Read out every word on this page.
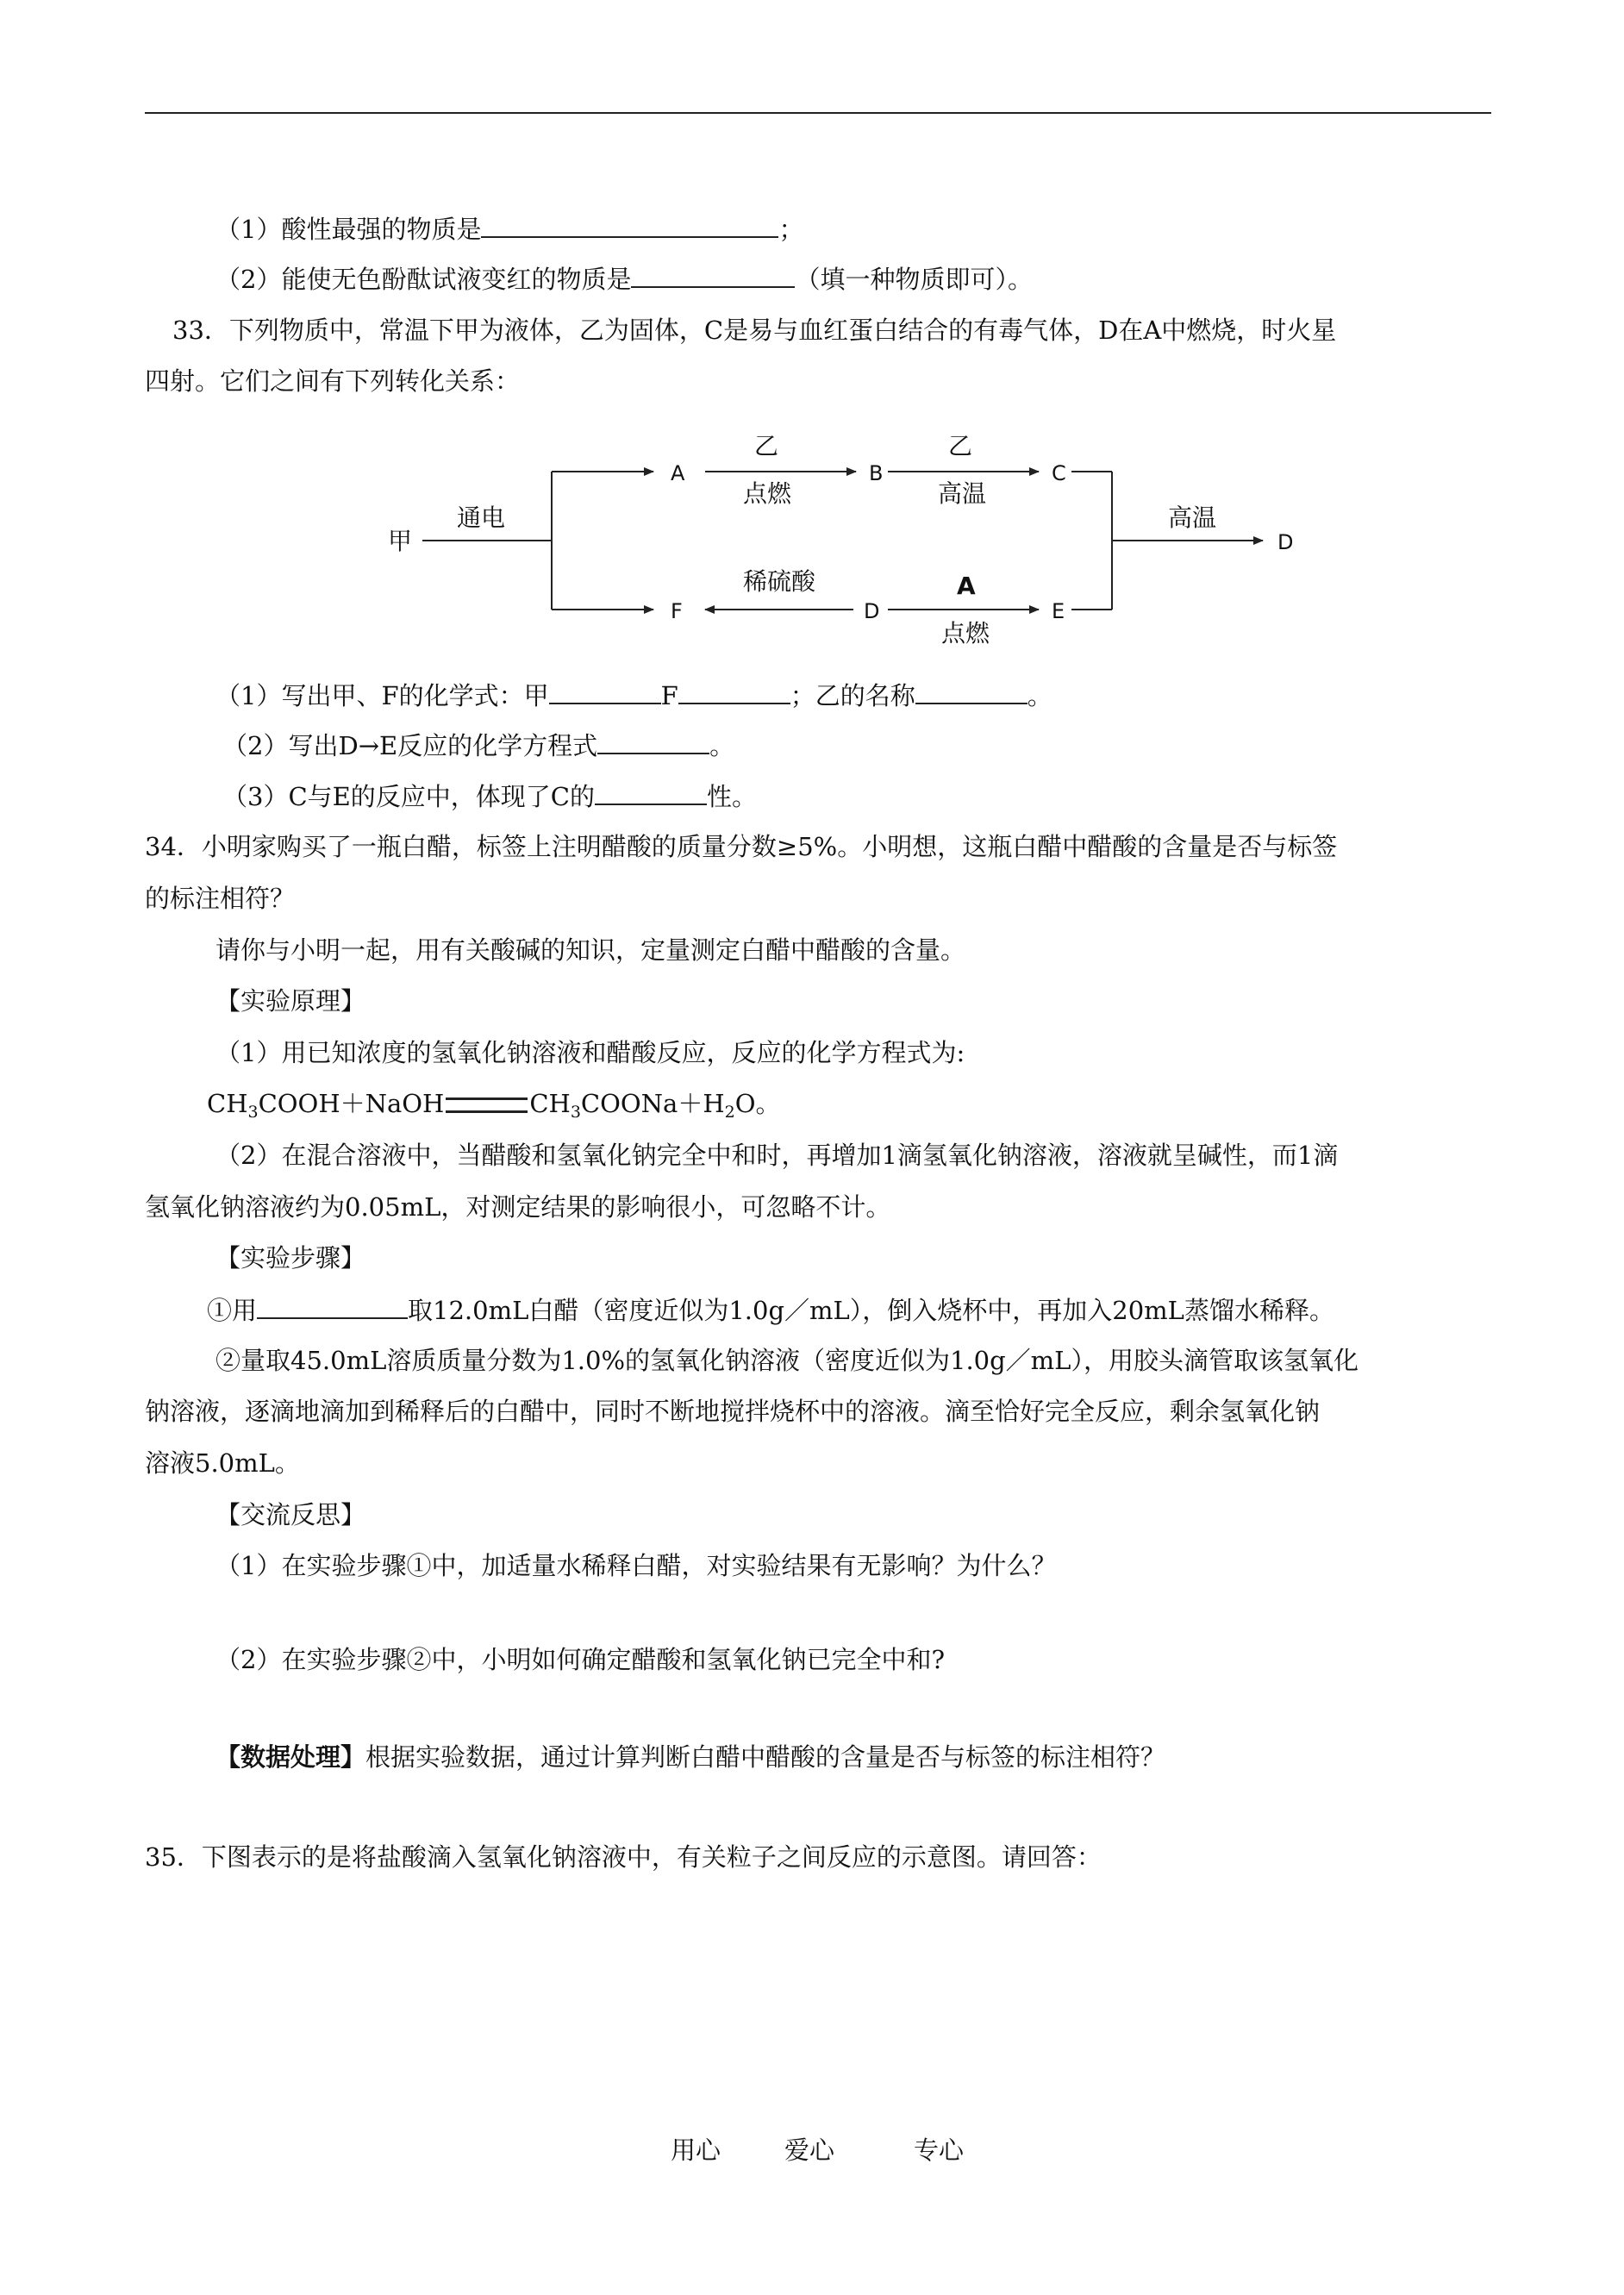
（1）酸性最强的物质是	；
（2）能使无色酚酞试液变红的物质是	（填一种物质即可）。
33．下列物质中，常温下甲为液体，乙为固体，C是易与血红蛋白结合的有毒气体，D在A中燃烧，时火星
四射。它们之间有下列转化关系：
甲
通电
A	B	C
D
F	D	E
乙
点燃
乙
高温
高温
稀硫酸	A
点燃
（1）写出甲、F的化学式：甲	F	；乙的名称	。
（2）写出D→E反应的化学方程式	。
（3）C与E的反应中，体现了C的	性。
34．小明家购买了一瓶白醋，标签上注明醋酸的质量分数≥5%。小明想，这瓶白醋中醋酸的含量是否与标签
的标注相符？
请你与小明一起，用有关酸碱的知识，定量测定白醋中醋酸的含量。
【实验原理】
（1）用已知浓度的氢氧化钠溶液和醋酸反应，反应的化学方程式为:
$CH_3COOH+NaOH$	$CH_3COONa+H_2O$。
（2）在混合溶液中，当醋酸和氢氧化钠完全中和时，再增加1滴氢氧化钠溶液，溶液就呈碱性，而1滴
氢氧化钠溶液约为0.05mL，对测定结果的影响很小，可忽略不计。
【实验步骤】
①用	取12.0mL白醋（密度近似为1.0g／mL），倒入烧杯中，再加入20mL蒸馏水稀释。
②量取45.0mL溶质质量分数为1.0%的氢氧化钠溶液（密度近似为1.0g／mL），用胶头滴管取该氢氧化
钠溶液，逐滴地滴加到稀释后的白醋中，同时不断地搅拌烧杯中的溶液。滴至恰好完全反应，剩余氢氧化钠
溶液5.0mL。
【交流反思】
（1）在实验步骤①中，加适量水稀释白醋，对实验结果有无影响？为什么？
（2）在实验步骤②中，小明如何确定醋酸和氢氧化钠已完全中和?
【数据处理】根据实验数据，通过计算判断白醋中醋酸的含量是否与标签的标注相符？
35．下图表示的是将盐酸滴入氢氧化钠溶液中，有关粒子之间反应的示意图。请回答：
用心	爱心	专心
